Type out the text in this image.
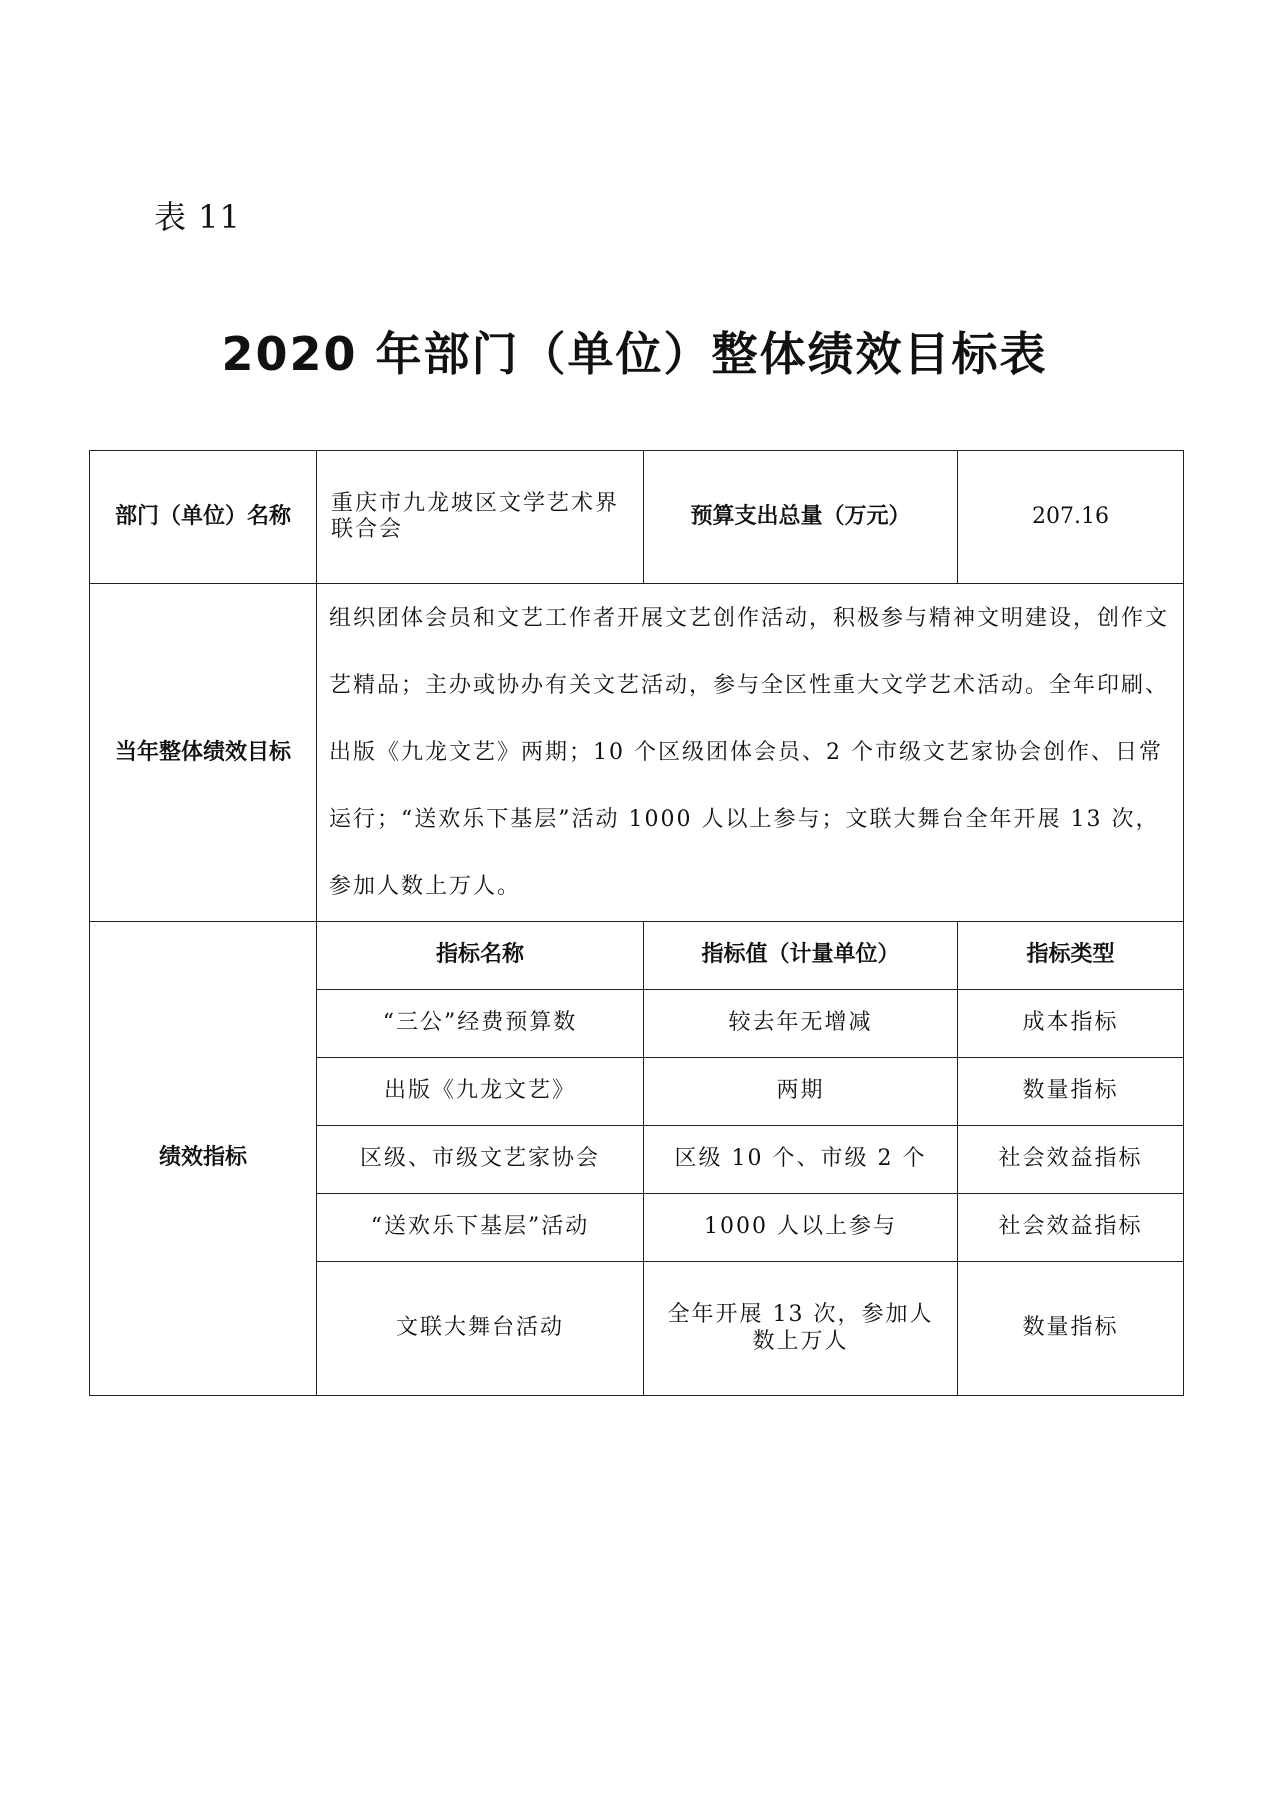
表 11
2020 年部门（单位）整体绩效目标表
部门（单位）名称	重庆市九龙坡区文学艺术界联合会	预算支出总量（万元）	207.16
当年整体绩效目标	组织团体会员和文艺工作者开展文艺创作活动，积极参与精神文明建设，创作文艺精品；主办或协办有关文艺活动，参与全区性重大文学艺术活动。全年印刷、出版《九龙文艺》两期；10 个区级团体会员、2 个市级文艺家协会创作、日常运行；“送欢乐下基层”活动 1000 人以上参与；文联大舞台全年开展 13 次，参加人数上万人。		
绩效指标	指标名称	指标值（计量单位）	指标类型
	“三公”经费预算数	较去年无增减	成本指标
	出版《九龙文艺》	两期	数量指标
	区级、市级文艺家协会	区级 10 个、市级 2 个	社会效益指标
	“送欢乐下基层”活动	1000 人以上参与	社会效益指标
	文联大舞台活动	全年开展 13 次，参加人数上万人	数量指标
